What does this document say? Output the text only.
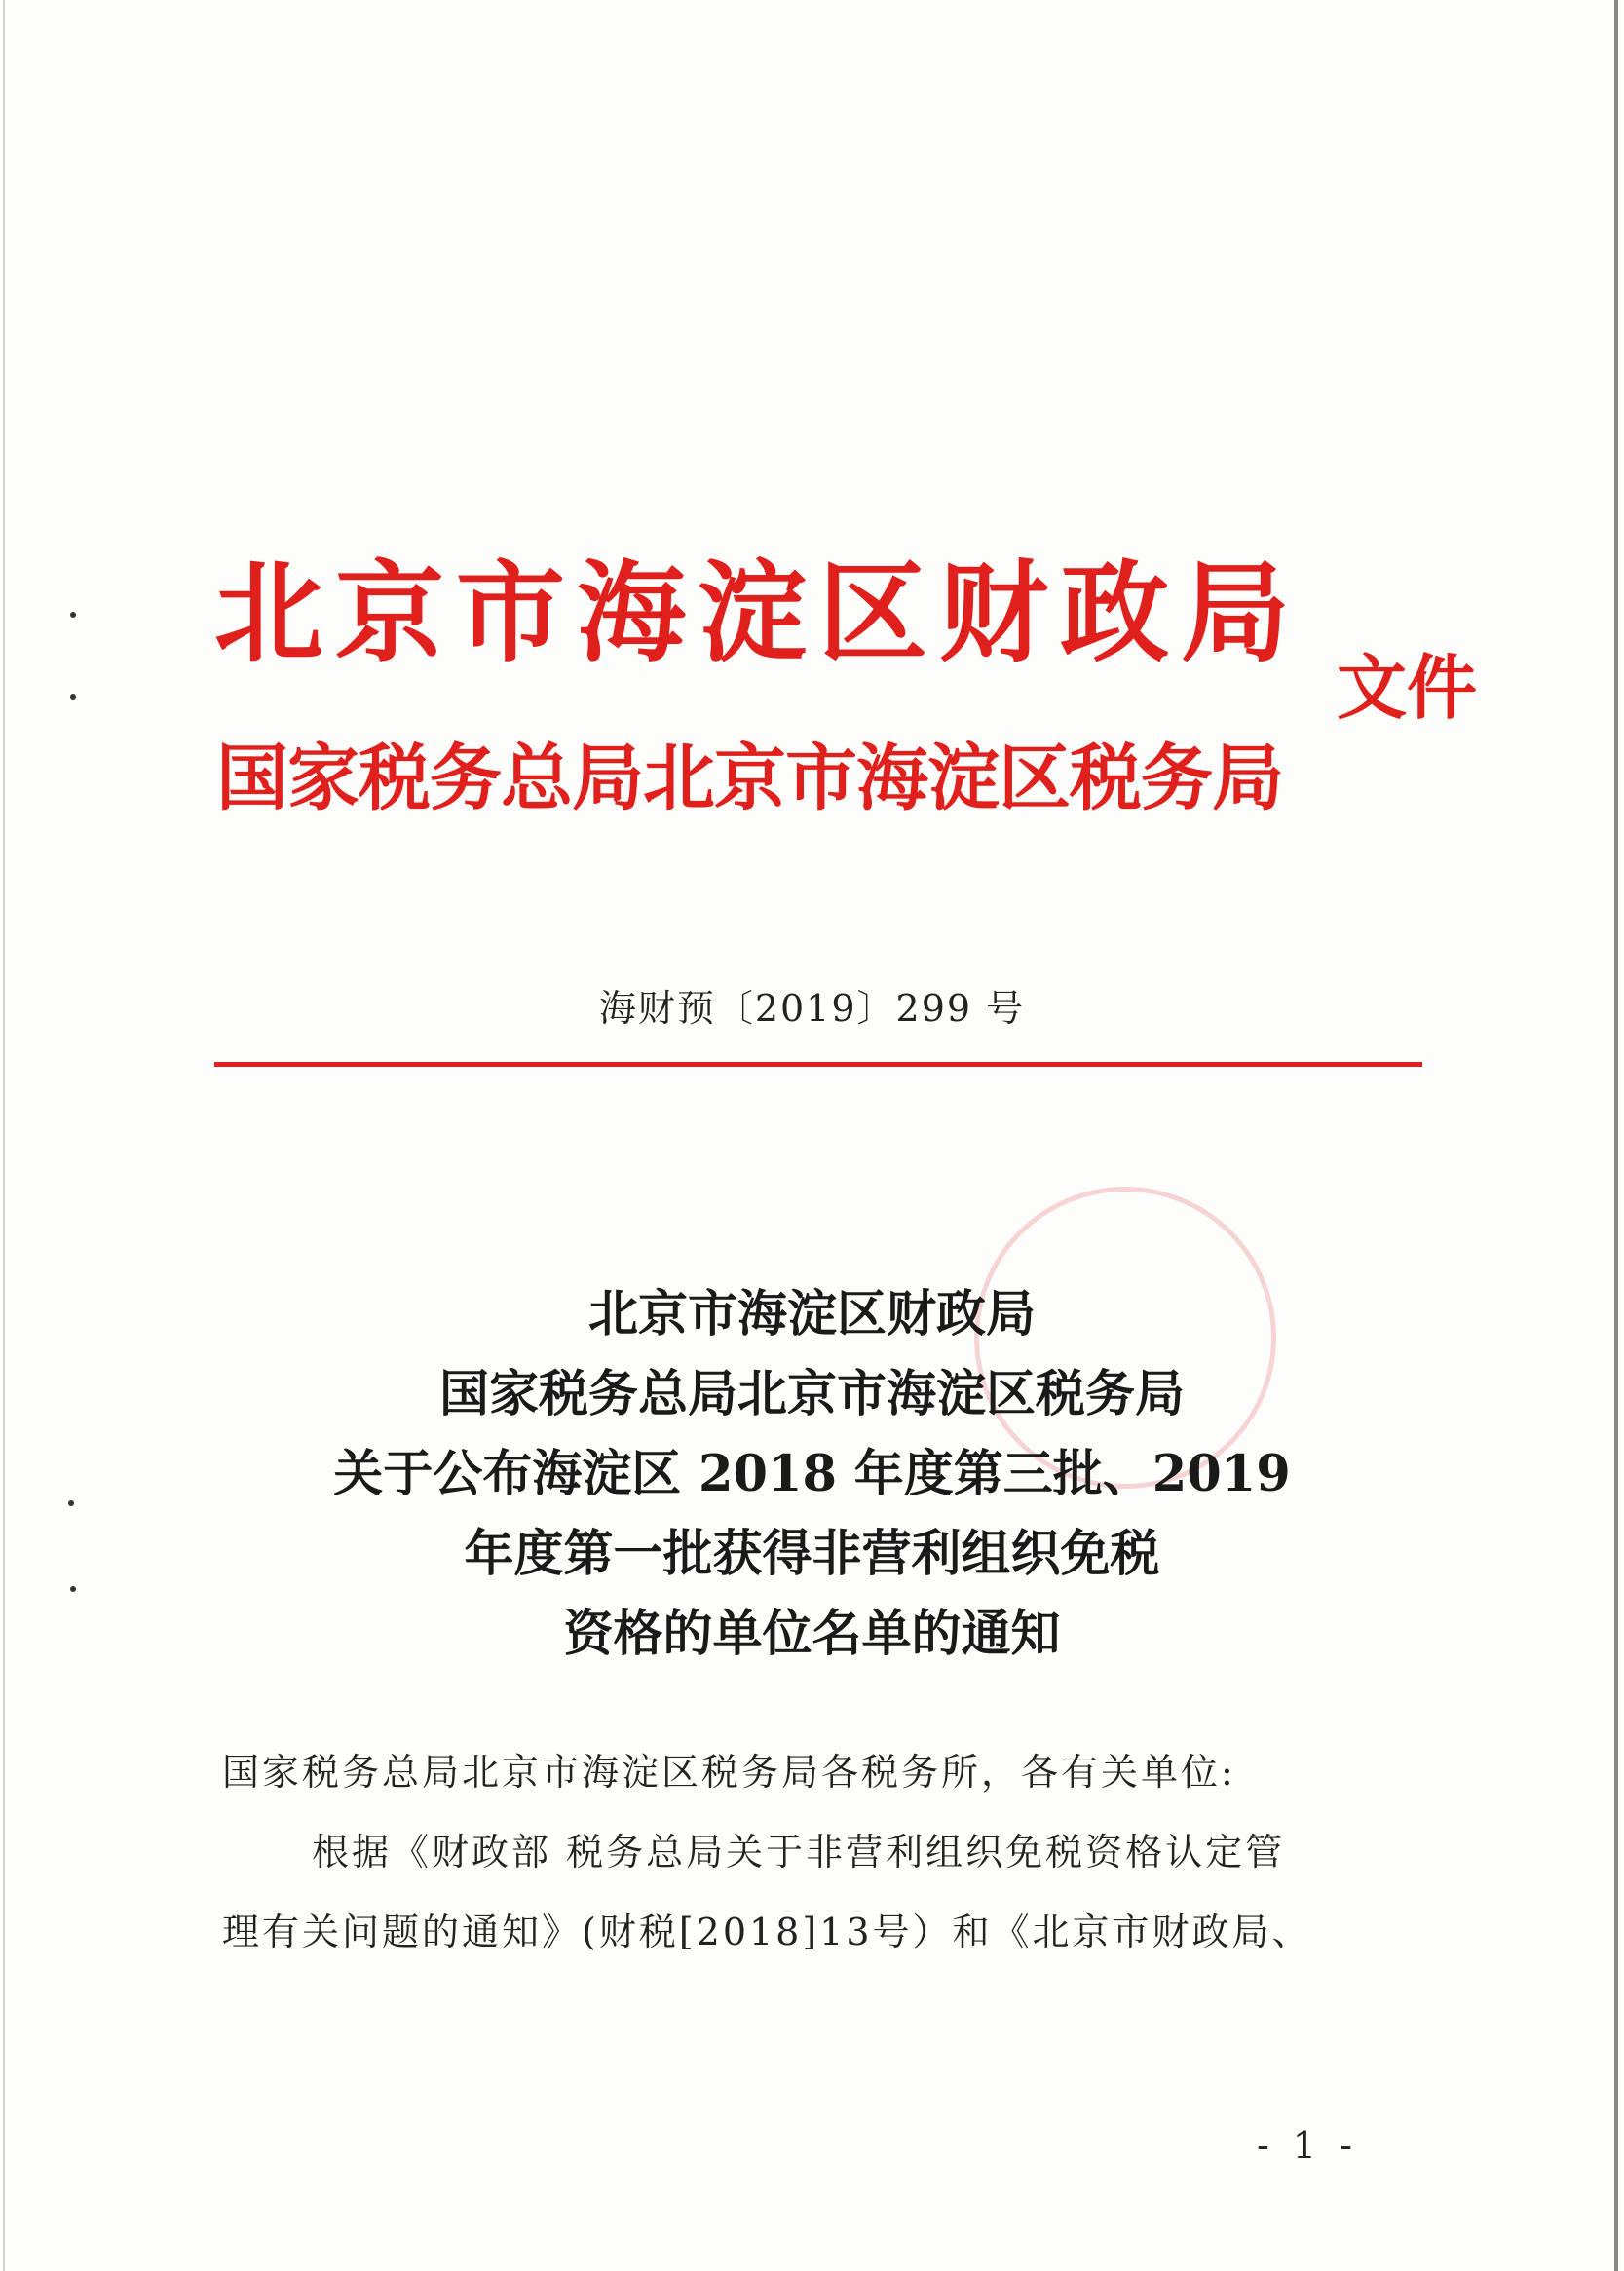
北京市海淀区财政局
国家税务总局北京市海淀区税务局
文件
海财预〔2019〕299 号
北京市海淀区财政局
国家税务总局北京市海淀区税务局
关于公布海淀区 2018 年度第三批、2019
年度第一批获得非营利组织免税
资格的单位名单的通知
国家税务总局北京市海淀区税务局各税务所，各有关单位:
根据《财政部 税务总局关于非营利组织免税资格认定管
理有关问题的通知》(财税[2018]13号）和《北京市财政局、
- 1 -
